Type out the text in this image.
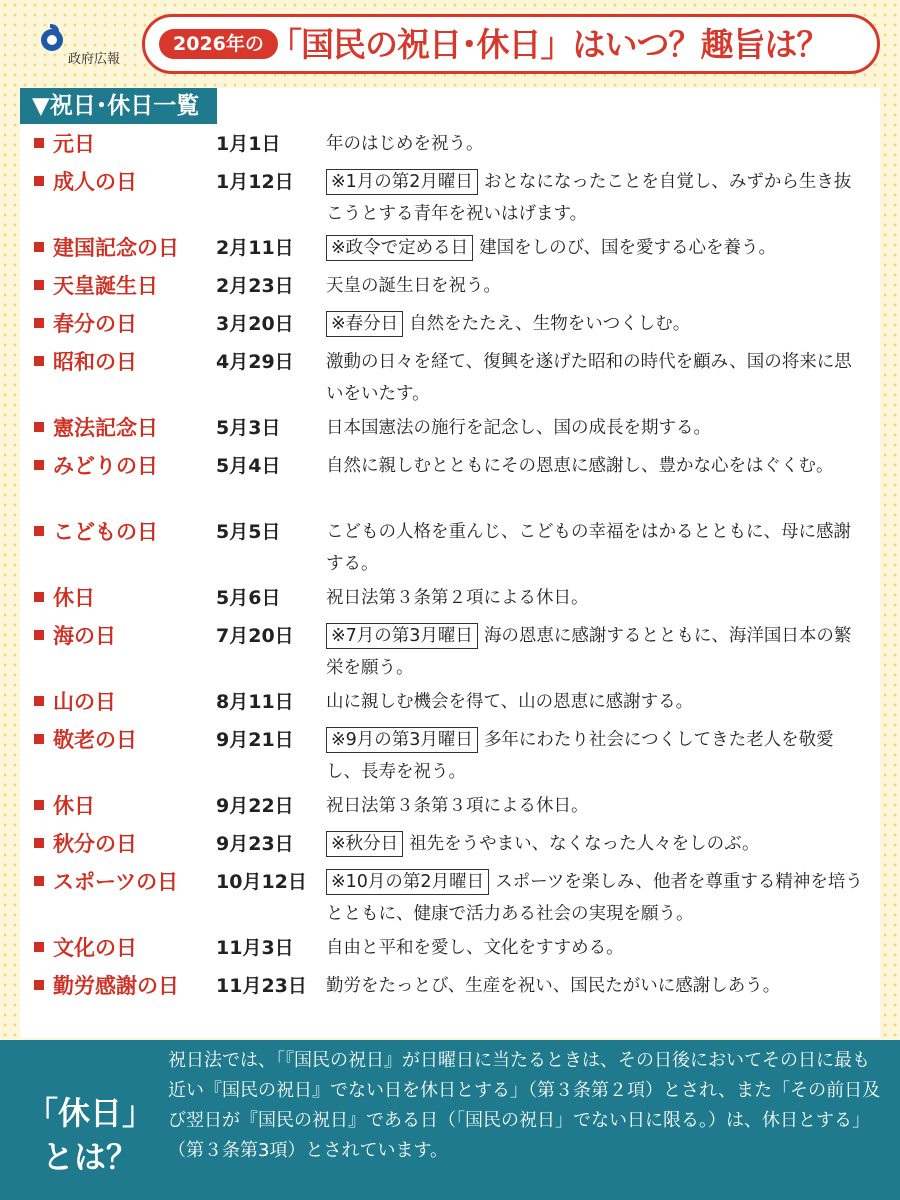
政府広報
2026年の 「国民の祝日･休日」はいつ？趣旨は？
▼祝日･休日一覧
元日	1月1日	年のはじめを祝う。
成人の日	1月12日 ※1月の第2月曜日 おとなになったことを自覚し、みずから生き抜こうとする青年を祝いはげます。
建国記念の日 2月11日 ※政令で定める日 建国をしのび、国を愛する心を養う。
天皇誕生日	2月23日 天皇の誕生日を祝う。
春分の日	3月20日 ※春分日 自然をたたえ、生物をいつくしむ。
昭和の日	4月29日 激動の日々を経て、復興を遂げた昭和の時代を顧み、国の将来に思いをいたす。
憲法記念日	5月3日	日本国憲法の施行を記念し、国の成長を期する。
みどりの日	5月4日	自然に親しむとともにその恩恵に感謝し、豊かな心をはぐくむ。
こどもの日	5月5日	こどもの人格を重んじ、こどもの幸福をはかるとともに、母に感謝する。
休日	5月6日	祝日法第３条第２項による休日。
海の日	7月20日 ※7月の第3月曜日 海の恩恵に感謝するとともに、海洋国日本の繁栄を願う。
山の日	8月11日 山に親しむ機会を得て、山の恩恵に感謝する。
敬老の日	9月21日 ※9月の第3月曜日 多年にわたり社会につくしてきた老人を敬愛し、長寿を祝う。
休日	9月22日 祝日法第３条第３項による休日。
秋分の日	9月23日 ※秋分日 祖先をうやまい、なくなった人々をしのぶ。
スポーツの日 10月12日 ※10月の第2月曜日 スポーツを楽しみ、他者を尊重する精神を培うとともに、健康で活力ある社会の実現を願う。
文化の日	11月3日 自由と平和を愛し、文化をすすめる。
勤労感謝の日 11月23日 勤労をたっとび、生産を祝い、国民たがいに感謝しあう。
「休日」
とは？
祝日法では、「『国民の祝日』が日曜日に当たるときは、その日後においてその日に最も近い『国民の祝日』でない日を休日とする」（第３条第２項）とされ、また「その前日及び翌日が『国民の祝日』である日（「国民の祝日」でない日に限る。）は、休日とする」（第３条第3項）とされています。
